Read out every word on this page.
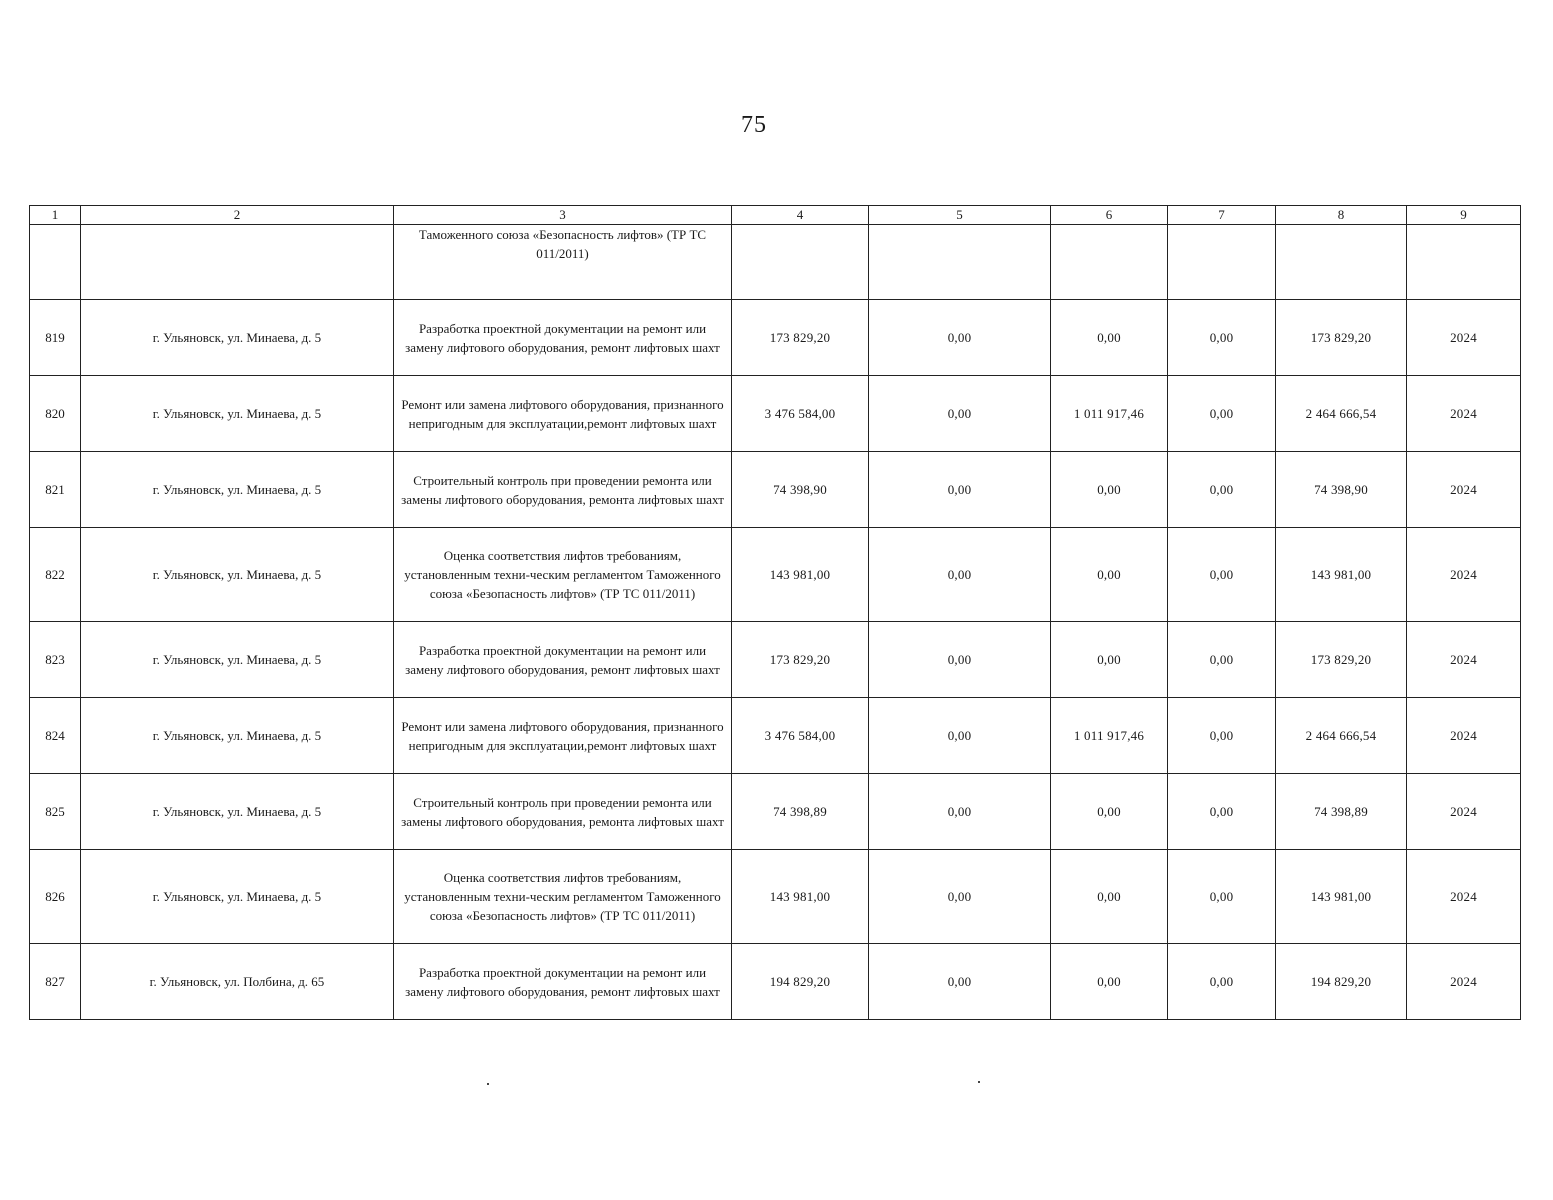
75
1	2	3	4	5	6	7	8	9
		Таможенного союза «Безопасность лифтов» (ТР ТС 011/2011)						
819	г. Ульяновск, ул. Минаева, д. 5	Разработка проектной документации на ремонт или замену лифтового оборудования, ремонт лифтовых шахт	173 829,20	0,00	0,00	0,00	173 829,20	2024
820	г. Ульяновск, ул. Минаева, д. 5	Ремонт или замена лифтового оборудования, признанного непригодным для эксплуатации,ремонт лифтовых шахт	3 476 584,00	0,00	1 011 917,46	0,00	2 464 666,54	2024
821	г. Ульяновск, ул. Минаева, д. 5	Строительный контроль при проведении ремонта или замены лифтового оборудования, ремонта лифтовых шахт	74 398,90	0,00	0,00	0,00	74 398,90	2024
822	г. Ульяновск, ул. Минаева, д. 5	Оценка соответствия лифтов требованиям, установленным техни-ческим регламентом Таможенного союза «Безопасность лифтов» (ТР ТС 011/2011)	143 981,00	0,00	0,00	0,00	143 981,00	2024
823	г. Ульяновск, ул. Минаева, д. 5	Разработка проектной документации на ремонт или замену лифтового оборудования, ремонт лифтовых шахт	173 829,20	0,00	0,00	0,00	173 829,20	2024
824	г. Ульяновск, ул. Минаева, д. 5	Ремонт или замена лифтового оборудования, признанного непригодным для эксплуатации,ремонт лифтовых шахт	3 476 584,00	0,00	1 011 917,46	0,00	2 464 666,54	2024
825	г. Ульяновск, ул. Минаева, д. 5	Строительный контроль при проведении ремонта или замены лифтового оборудования, ремонта лифтовых шахт	74 398,89	0,00	0,00	0,00	74 398,89	2024
826	г. Ульяновск, ул. Минаева, д. 5	Оценка соответствия лифтов требованиям, установленным техни-ческим регламентом Таможенного союза «Безопасность лифтов» (ТР ТС 011/2011)	143 981,00	0,00	0,00	0,00	143 981,00	2024
827	г. Ульяновск, ул. Полбина, д. 65	Разработка проектной документации на ремонт или замену лифтового оборудования, ремонт лифтовых шахт	194 829,20	0,00	0,00	0,00	194 829,20	2024
